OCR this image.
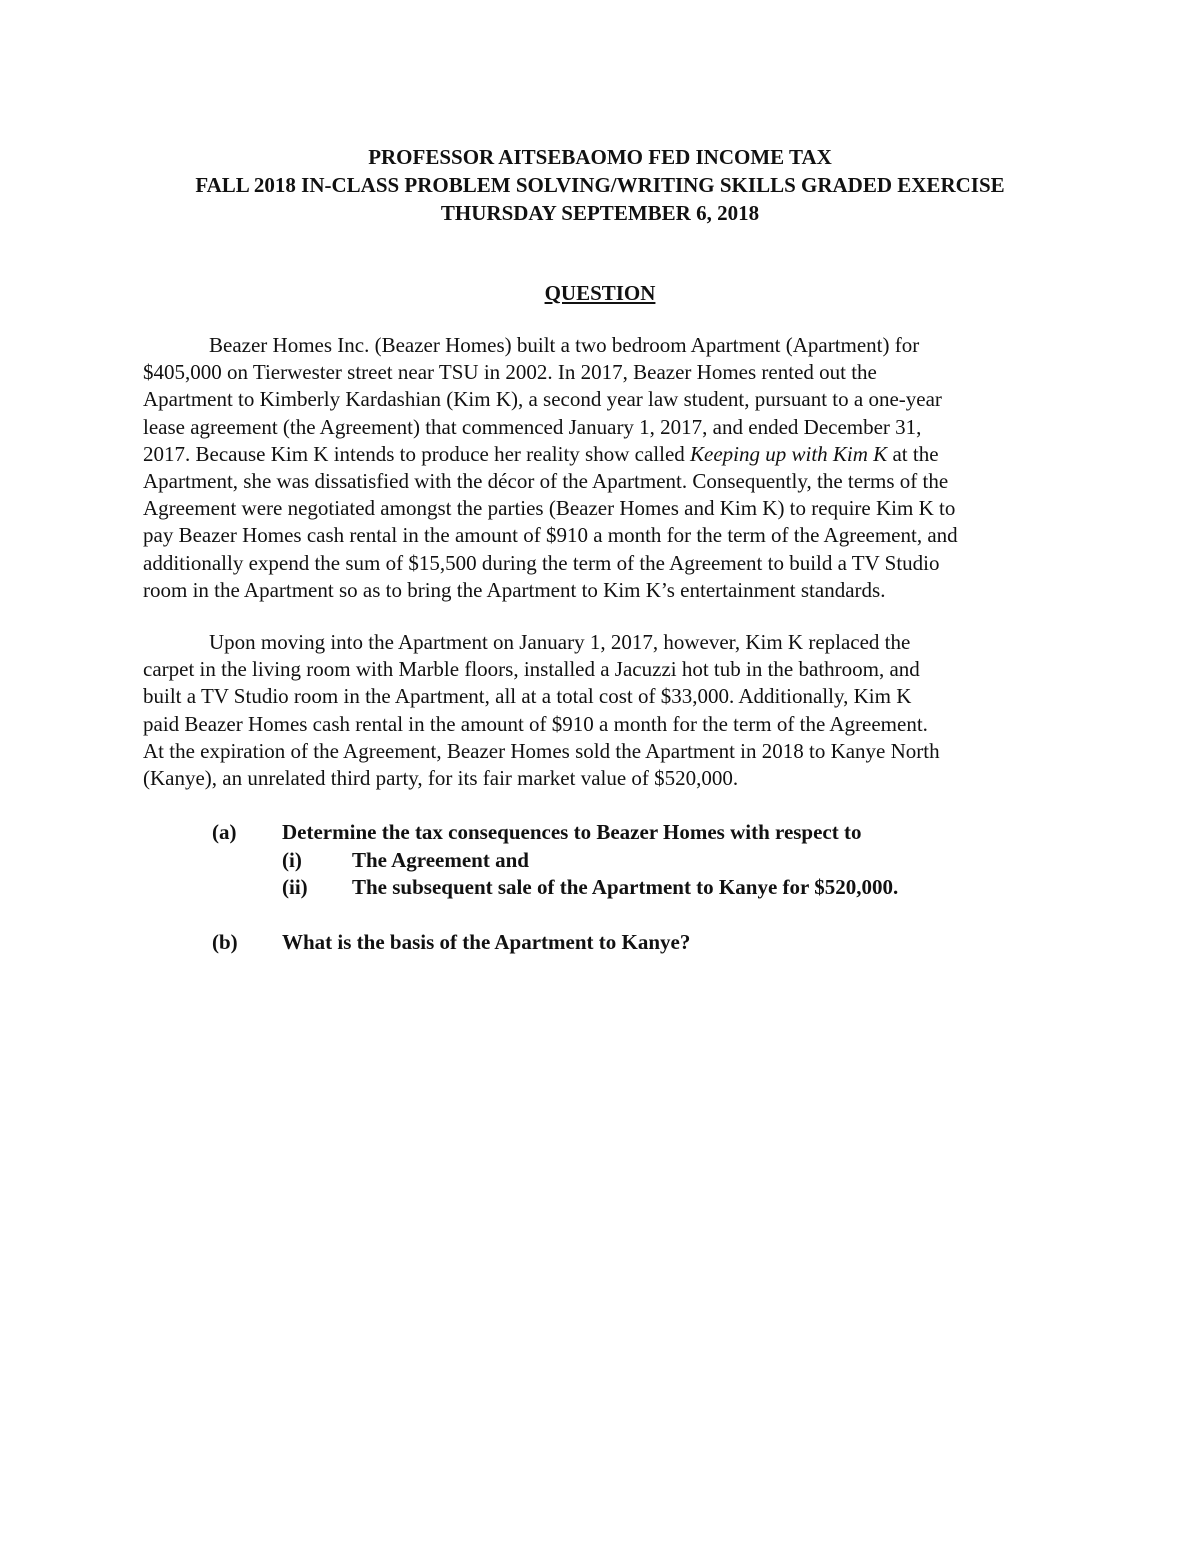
PROFESSOR AITSEBAOMO FED INCOME TAX
FALL 2018 IN-CLASS PROBLEM SOLVING/WRITING SKILLS GRADED EXERCISE
THURSDAY SEPTEMBER 6, 2018
QUESTION

Beazer Homes Inc. (Beazer Homes) built a two bedroom Apartment (Apartment) for
$405,000 on Tierwester street near TSU in 2002. In 2017, Beazer Homes rented out the
Apartment to Kimberly Kardashian (Kim K), a second year law student, pursuant to a one-year
lease agreement (the Agreement) that commenced January 1, 2017, and ended December 31,
2017. Because Kim K intends to produce her reality show called Keeping up with Kim K at the
Apartment, she was dissatisfied with the décor of the Apartment. Consequently, the terms of the
Agreement were negotiated amongst the parties (Beazer Homes and Kim K) to require Kim K to
pay Beazer Homes cash rental in the amount of $910 a month for the term of the Agreement, and
additionally expend the sum of $15,500 during the term of the Agreement to build a TV Studio
room in the Apartment so as to bring the Apartment to Kim K’s entertainment standards.

Upon moving into the Apartment on January 1, 2017, however, Kim K replaced the
carpet in the living room with Marble floors, installed a Jacuzzi hot tub in the bathroom, and
built a TV Studio room in the Apartment, all at a total cost of $33,000. Additionally, Kim K
paid Beazer Homes cash rental in the amount of $910 a month for the term of the Agreement.
At the expiration of the Agreement, Beazer Homes sold the Apartment in 2018 to Kanye North
(Kanye), an unrelated third party, for its fair market value of $520,000.

(a) Determine the tax consequences to Beazer Homes with respect to
(i) The Agreement and
(ii) The subsequent sale of the Apartment to Kanye for $520,000.
(b) What is the basis of the Apartment to Kanye?
